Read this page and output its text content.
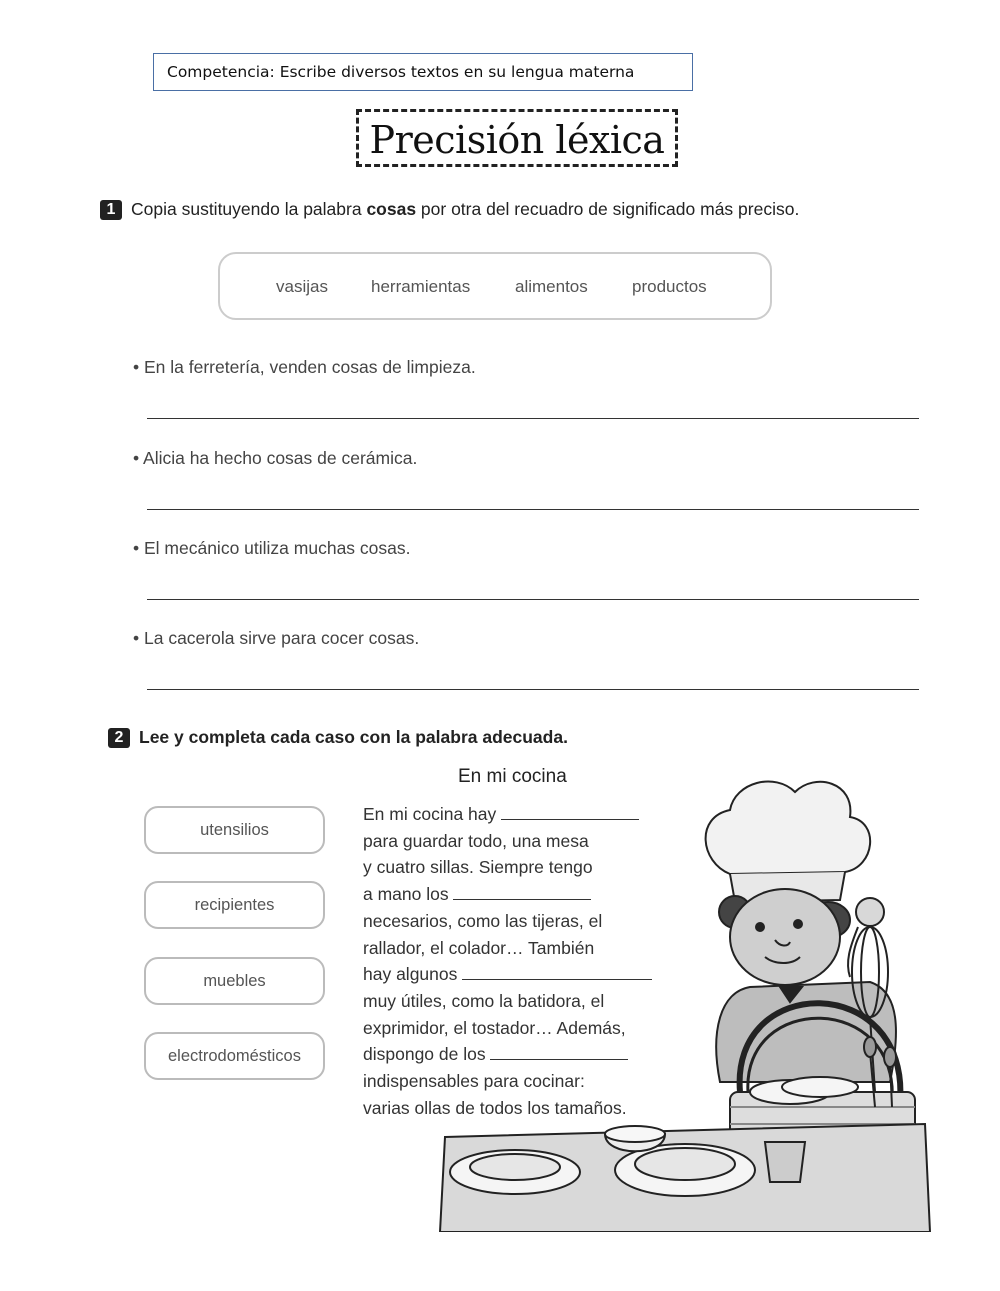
Competencia: Escribe diversos textos en su lengua materna
Precisión léxica
1 Copia sustituyendo la palabra cosas por otra del recuadro de significado más preciso.
vasijas	herramientas	alimentos	productos
• En la ferretería, venden cosas de limpieza.
• Alicia ha hecho cosas de cerámica.
• El mecánico utiliza muchas cosas.
• La cacerola sirve para cocer cosas.
2 Lee y completa cada caso con la palabra adecuada.
utensilios
recipientes
muebles
electrodomésticos
En mi cocina
En mi cocina hay
para guardar todo, una mesa
y cuatro sillas. Siempre tengo
a mano los
necesarios, como las tijeras, el
rallador, el colador… También
hay algunos
muy útiles, como la batidora, el
exprimidor, el tostador… Además,
dispongo de los
indispensables para cocinar:
varias ollas de todos los tamaños.
